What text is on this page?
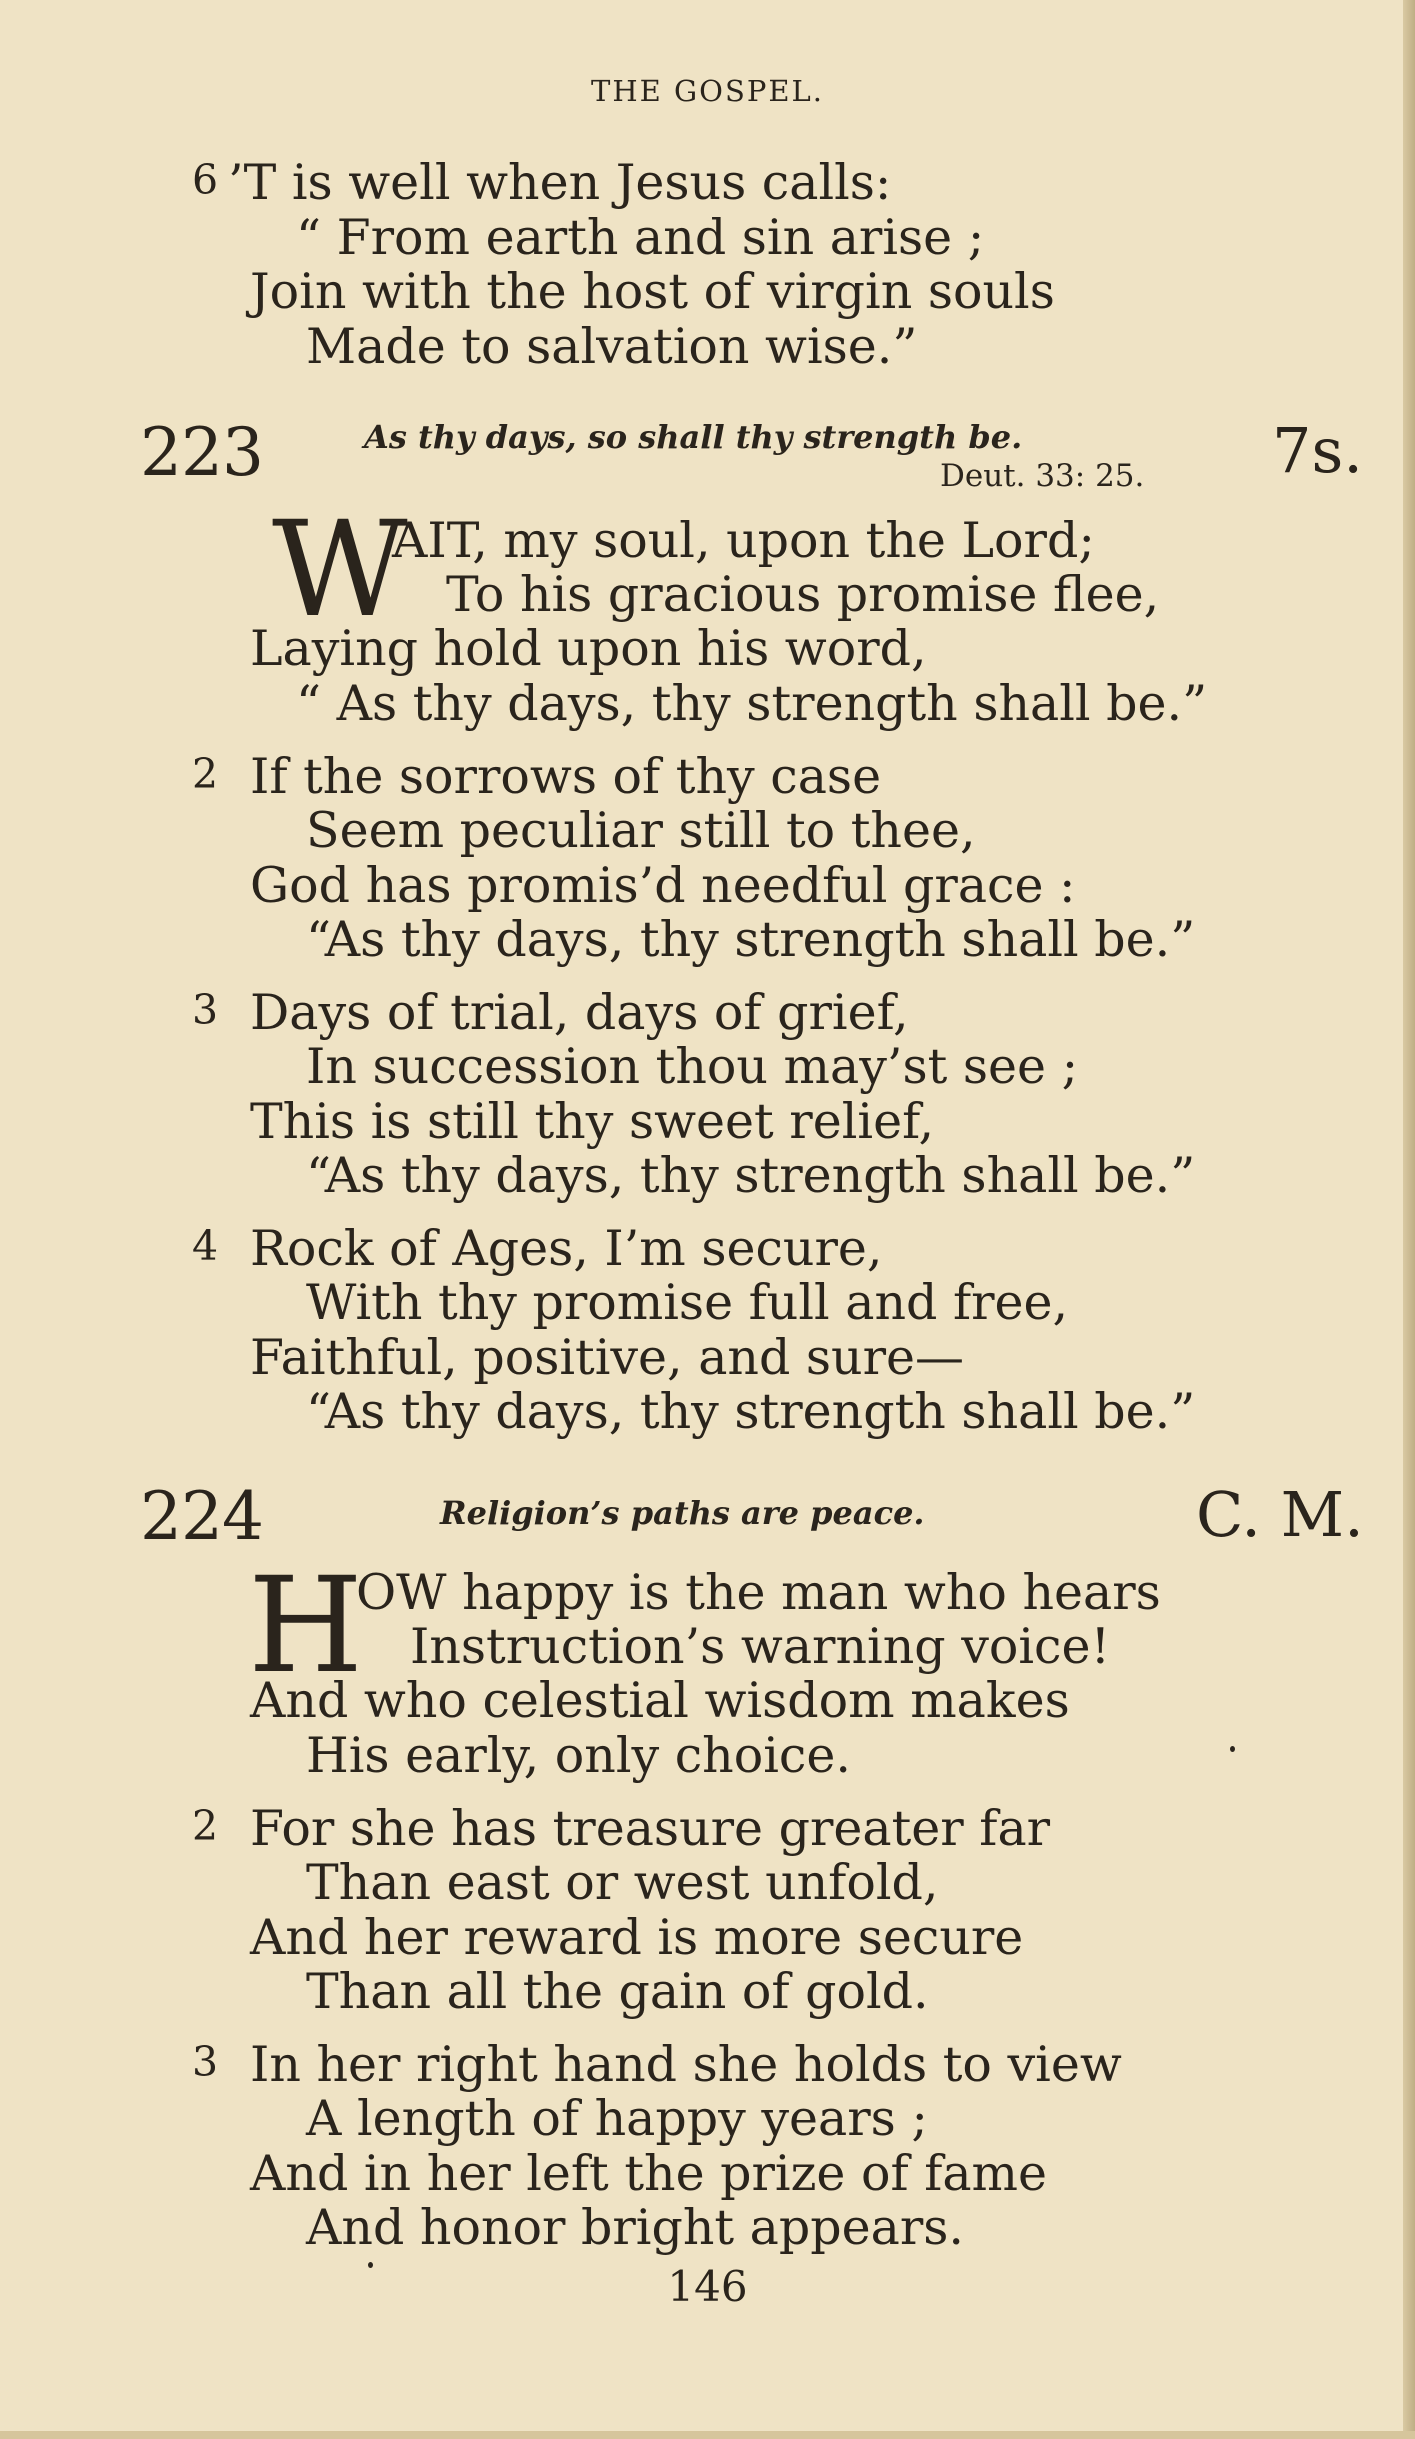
THE GOSPEL.
6 ’T is well when Jesus calls:
“ From earth and sin arise ;
Join with the host of virgin souls
Made to salvation wise.”
223	As thy days, so shall thy strength be.
Deut. 33: 25. 7s.
W
AIT, my soul, upon the Lord;
To his gracious promise flee,
Laying hold upon his word,
“ As thy days, thy strength shall be.”
2 If the sorrows of thy case
Seem peculiar still to thee,
God has promis’d needful grace :
“As thy days, thy strength shall be.”
3 Days of trial, days of grief,
In succession thou may’st see ;
This is still thy sweet relief,
“As thy days, thy strength shall be.”
4 Rock of Ages, I’m secure,
With thy promise full and free,
Faithful, positive, and sure—
“As thy days, thy strength shall be.”
224	Religion’s paths are peace.	C. M.
H
OW happy is the man who hears
Instruction’s warning voice!
And who celestial wisdom makes
His early, only choice.
2 For she has treasure greater far
Than east or west unfold,
And her reward is more secure
Than all the gain of gold.
3 In her right hand she holds to view
A length of happy years ;
And in her left the prize of fame
And honor bright appears.
146
